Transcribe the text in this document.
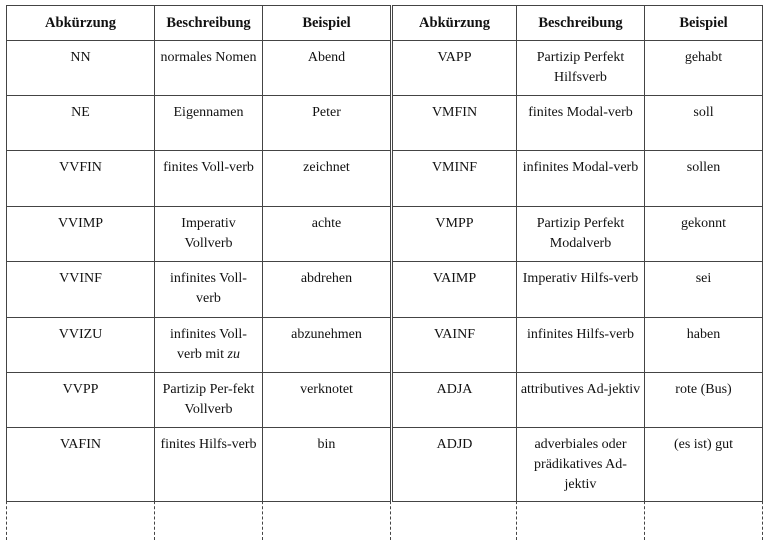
Abkürzung	Beschreibung	Beispiel
NN	normales Nomen	Abend
NE	Eigennamen	Peter
VVFIN	finites Voll-verb	zeichnet
VVIMP	Imperativ Vollverb	achte
VVINF	infinites Voll-verb	abdrehen
VVIZU	infinites Voll-verb mit zu	abzunehmen
VVPP	Partizip Per-fekt Vollverb	verknotet
VAFIN	finites Hilfs-verb	bin
Abkürzung	Beschreibung	Beispiel
VAPP	Partizip Perfekt Hilfsverb	gehabt
VMFIN	finites Modal-verb	soll
VMINF	infinites Modal-verb	sollen
VMPP	Partizip Perfekt Modalverb	gekonnt
VAIMP	Imperativ Hilfs-verb	sei
VAINF	infinites Hilfs-verb	haben
ADJA	attributives Ad-jektiv	rote (Bus)
ADJD	adverbiales oder prädikatives Ad-jektiv	(es ist) gut
